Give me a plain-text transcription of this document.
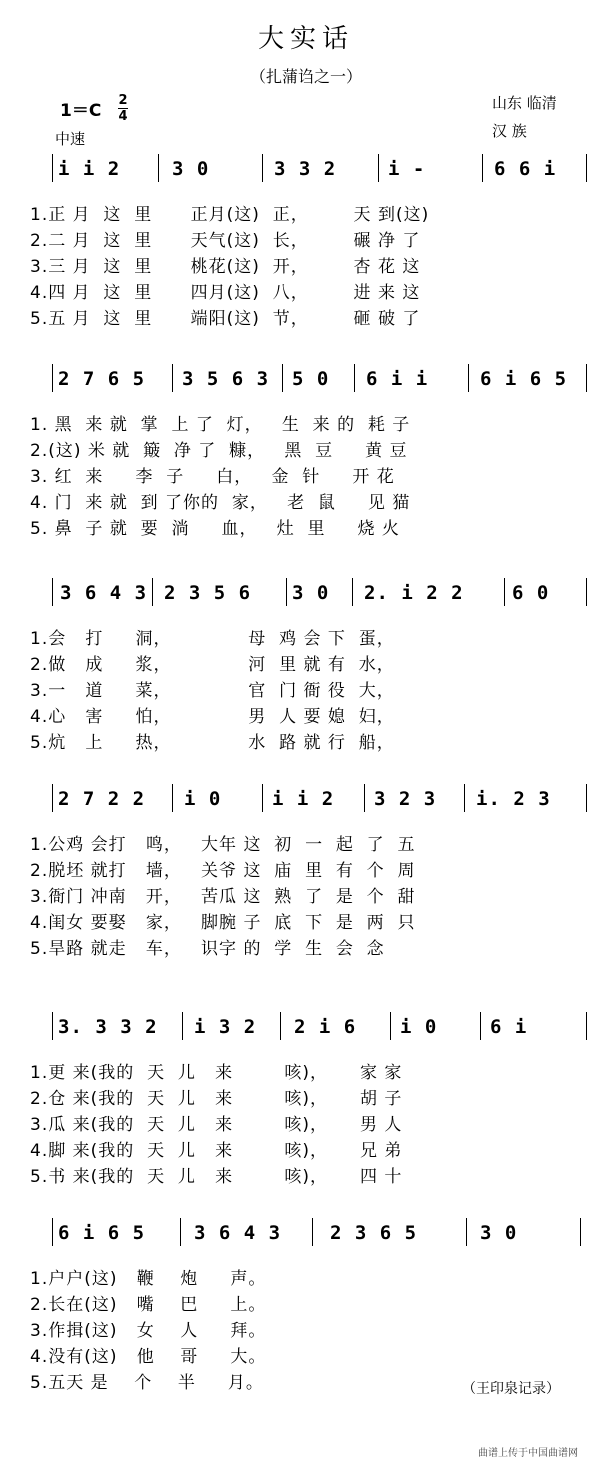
大实话
（扎蒲诌之一）
1＝C
2
4
中速
山东 临清
汉 族
i i 2	3 0	3 3 2	i -	6 6 i
1.正 月  这  里      正月(这)  正，       天 到(这)
2.二 月  这  里      天气(这)  长，       碾 净 了
3.三 月  这  里      桃花(这)  开，       杏 花 这
4.四 月  这  里      四月(这)  八，       进 来 这
5.五 月  这  里      端阳(这)  节，       砸 破 了
2 7 6 5 3 5 6 3 5 0 6 i i	6 i 6 5
1. 黑  来 就  掌  上 了  灯，   生  来 的  耗 子
2.(这) 米 就  簸  净 了  糠，   黑  豆     黄 豆
3. 红  来     李  子     白，   金  针     开 花
4. 门  来 就  到 了你的  家，   老  鼠     见 猫
5. 鼻  子 就  要  淌     血，   灶  里     烧 火
3 6 4 3 2 3 5 6 3 0 2. i 2 2	6 0
1.会   打     洞，            母  鸡 会 下  蛋，
2.做   成     浆，            河  里 就 有  水，
3.一   道     菜，            官  门 衙 役  大，
4.心   害     怕，            男  人 要 媳  妇，
5.炕   上     热，            水  路 就 行  船，
2 7 2 2 i 0	i i 2 3 2 3 i. 2 3
1.公鸡 会打   鸣，   大年 这  初  一  起  了  五
2.脱坯 就打   墙，   关爷 这  庙  里  有  个  周
3.衙门 冲南   开，   苦瓜 这  熟  了  是  个  甜
4.闺女 要娶   家，   脚腕 子  底  下  是  两  只
5.旱路 就走   车，   识字 的  学  生  会  念
3. 3 3 2 i 3 2 2 i 6 i 0	6 i
1.更 来(我的  天  儿   来        咳)，     家 家
2.仓 来(我的  天  儿   来        咳)，     胡 子
3.瓜 来(我的  天  儿   来        咳)，     男 人
4.脚 来(我的  天  儿   来        咳)，     兄 弟
5.书 来(我的  天  儿   来        咳)，     四 十
6 i 6 5	3 6 4 3	2 3 6 5	3 0
1.户户(这)   鞭    炮     声。
2.长在(这)   嘴    巴     上。
3.作揖(这)   女    人     拜。
4.没有(这)   他    哥     大。
5.五天 是    个    半     月。	（王印泉记录）
曲谱上传于中国曲谱网
